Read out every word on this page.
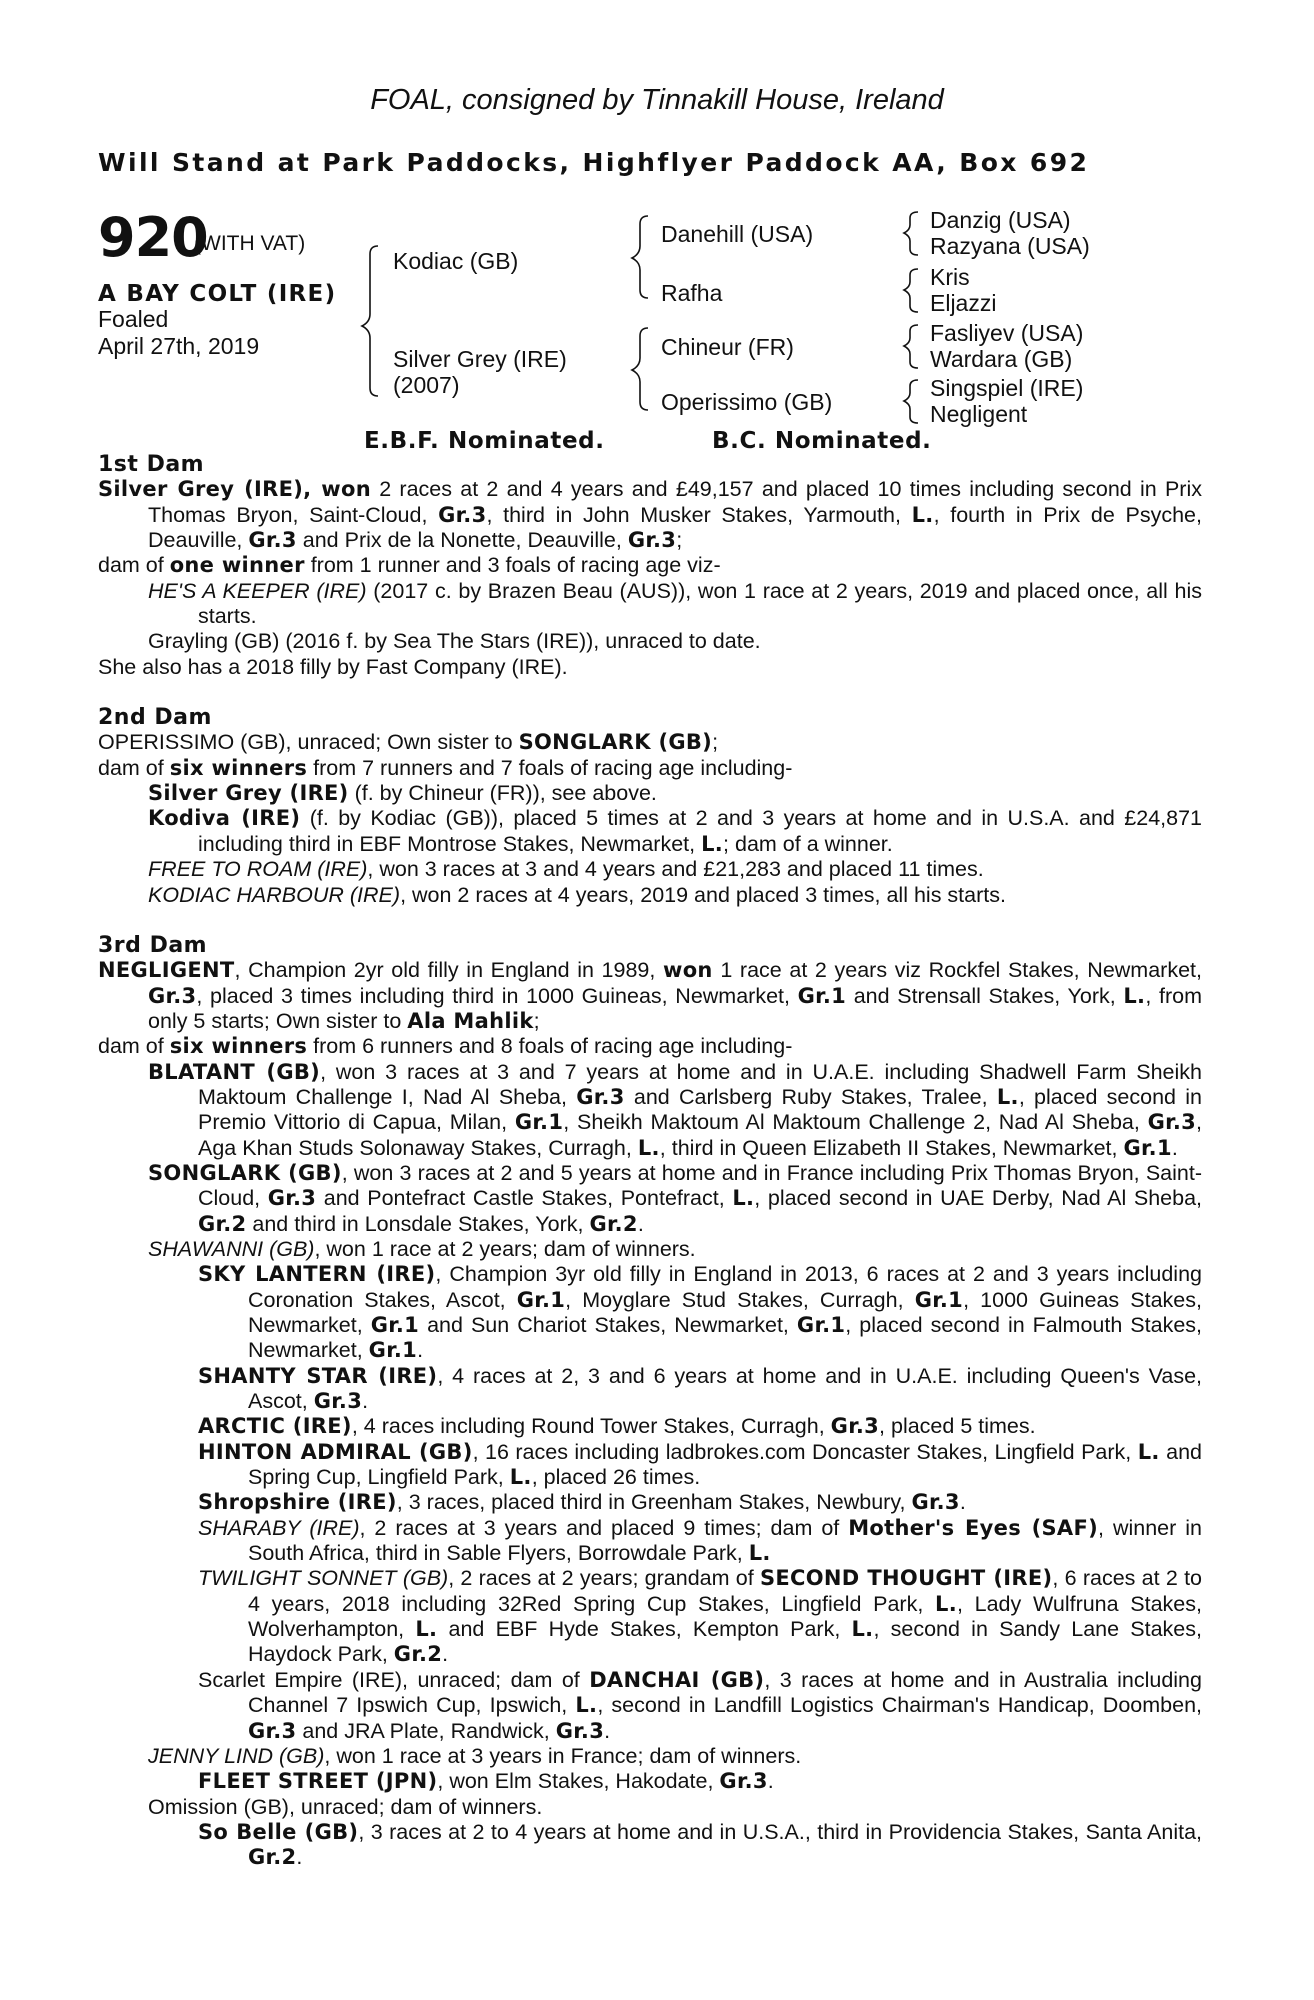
FOAL, consigned by Tinnakill House, Ireland
Will Stand at Park Paddocks, Highflyer Paddock AA, Box 692
920
(WITH VAT)
A BAY COLT (IRE)
Foaled
April 27th, 2019
Kodiac (GB)
Silver Grey (IRE)
(2007)
Danehill (USA)
Rafha
Chineur (FR)
Operissimo (GB)
Danzig (USA)
Razyana (USA)
Kris
Eljazzi
Fasliyev (USA)
Wardara (GB)
Singspiel (IRE)
Negligent
E.B.F. Nominated.	B.C. Nominated.
1st Dam
Silver Grey (IRE), won 2 races at 2 and 4 years and £49,157 and placed 10 times including second in Prix Thomas Bryon, Saint-Cloud, Gr.3, third in John Musker Stakes, Yarmouth, L., fourth in Prix de Psyche, Deauville, Gr.3 and Prix de la Nonette, Deauville, Gr.3;
dam of one winner from 1 runner and 3 foals of racing age viz-
HE'S A KEEPER (IRE) (2017 c. by Brazen Beau (AUS)), won 1 race at 2 years, 2019 and placed once, all his starts.
Grayling (GB) (2016 f. by Sea The Stars (IRE)), unraced to date.
She also has a 2018 filly by Fast Company (IRE).
2nd Dam
OPERISSIMO (GB), unraced; Own sister to SONGLARK (GB);
dam of six winners from 7 runners and 7 foals of racing age including-
Silver Grey (IRE) (f. by Chineur (FR)), see above.
Kodiva (IRE) (f. by Kodiac (GB)), placed 5 times at 2 and 3 years at home and in U.S.A. and £24,871 including third in EBF Montrose Stakes, Newmarket, L.; dam of a winner.
FREE TO ROAM (IRE), won 3 races at 3 and 4 years and £21,283 and placed 11 times.
KODIAC HARBOUR (IRE), won 2 races at 4 years, 2019 and placed 3 times, all his starts.
3rd Dam
NEGLIGENT, Champion 2yr old filly in England in 1989, won 1 race at 2 years viz Rockfel Stakes, Newmarket, Gr.3, placed 3 times including third in 1000 Guineas, Newmarket, Gr.1 and Strensall Stakes, York, L., from only 5 starts; Own sister to Ala Mahlik;
dam of six winners from 6 runners and 8 foals of racing age including-
BLATANT (GB), won 3 races at 3 and 7 years at home and in U.A.E. including Shadwell Farm Sheikh Maktoum Challenge I, Nad Al Sheba, Gr.3 and Carlsberg Ruby Stakes, Tralee, L., placed second in Premio Vittorio di Capua, Milan, Gr.1, Sheikh Maktoum Al Maktoum Challenge 2, Nad Al Sheba, Gr.3, Aga Khan Studs Solonaway Stakes, Curragh, L., third in Queen Elizabeth II Stakes, Newmarket, Gr.1.
SONGLARK (GB), won 3 races at 2 and 5 years at home and in France including Prix Thomas Bryon, Saint-Cloud, Gr.3 and Pontefract Castle Stakes, Pontefract, L., placed second in UAE Derby, Nad Al Sheba, Gr.2 and third in Lonsdale Stakes, York, Gr.2.
SHAWANNI (GB), won 1 race at 2 years; dam of winners.
SKY LANTERN (IRE), Champion 3yr old filly in England in 2013, 6 races at 2 and 3 years including Coronation Stakes, Ascot, Gr.1, Moyglare Stud Stakes, Curragh, Gr.1, 1000 Guineas Stakes, Newmarket, Gr.1 and Sun Chariot Stakes, Newmarket, Gr.1, placed second in Falmouth Stakes, Newmarket, Gr.1.
SHANTY STAR (IRE), 4 races at 2, 3 and 6 years at home and in U.A.E. including Queen's Vase, Ascot, Gr.3.
ARCTIC (IRE), 4 races including Round Tower Stakes, Curragh, Gr.3, placed 5 times.
HINTON ADMIRAL (GB), 16 races including ladbrokes.com Doncaster Stakes, Lingfield Park, L. and Spring Cup, Lingfield Park, L., placed 26 times.
Shropshire (IRE), 3 races, placed third in Greenham Stakes, Newbury, Gr.3.
SHARABY (IRE), 2 races at 3 years and placed 9 times; dam of Mother's Eyes (SAF), winner in South Africa, third in Sable Flyers, Borrowdale Park, L.
TWILIGHT SONNET (GB), 2 races at 2 years; grandam of SECOND THOUGHT (IRE), 6 races at 2 to 4 years, 2018 including 32Red Spring Cup Stakes, Lingfield Park, L., Lady Wulfruna Stakes, Wolverhampton, L. and EBF Hyde Stakes, Kempton Park, L., second in Sandy Lane Stakes, Haydock Park, Gr.2.
Scarlet Empire (IRE), unraced; dam of DANCHAI (GB), 3 races at home and in Australia including Channel 7 Ipswich Cup, Ipswich, L., second in Landfill Logistics Chairman's Handicap, Doomben, Gr.3 and JRA Plate, Randwick, Gr.3.
JENNY LIND (GB), won 1 race at 3 years in France; dam of winners.
FLEET STREET (JPN), won Elm Stakes, Hakodate, Gr.3.
Omission (GB), unraced; dam of winners.
So Belle (GB), 3 races at 2 to 4 years at home and in U.S.A., third in Providencia Stakes, Santa Anita, Gr.2.
